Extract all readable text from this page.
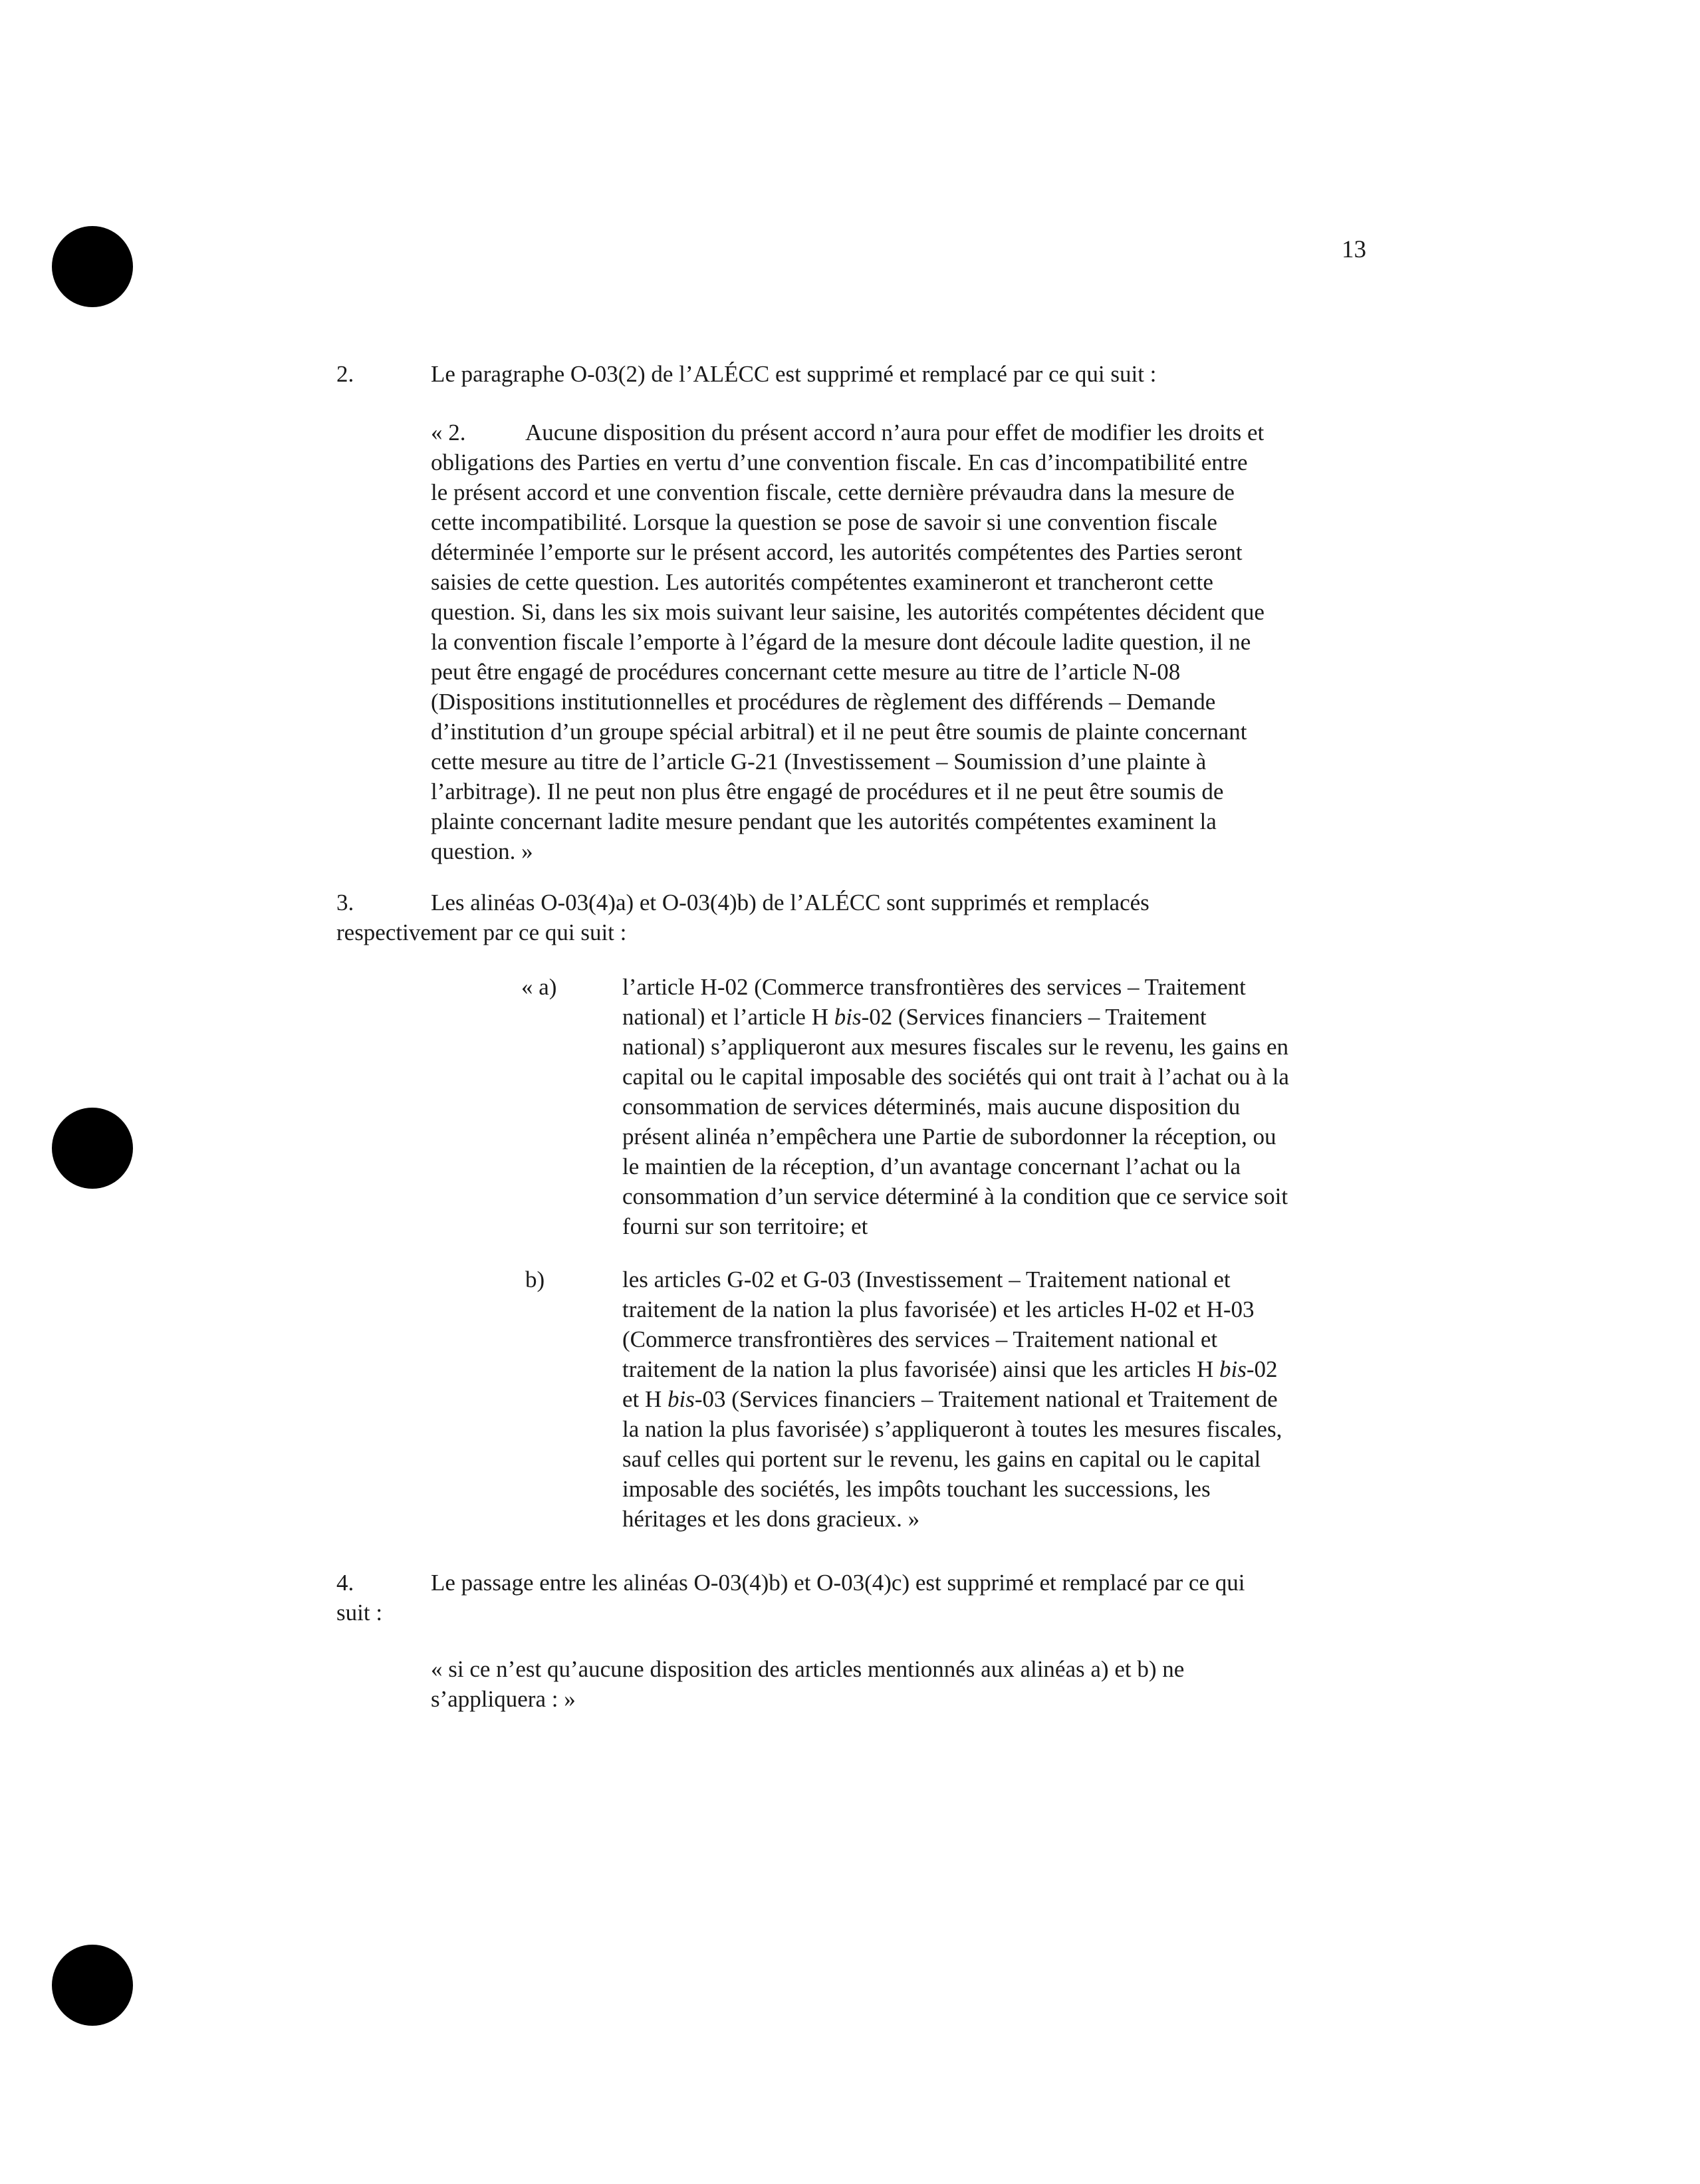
13
2.	Le paragraphe O-03(2) de l’ALÉCC est supprimé et remplacé par ce qui suit :
« 2.	Aucune disposition du présent accord n’aura pour effet de modifier les droits et
obligations des Parties en vertu d’une convention fiscale. En cas d’incompatibilité entre
le présent accord et une convention fiscale, cette dernière prévaudra dans la mesure de
cette incompatibilité. Lorsque la question se pose de savoir si une convention fiscale
déterminée l’emporte sur le présent accord, les autorités compétentes des Parties seront
saisies de cette question. Les autorités compétentes examineront et trancheront cette
question. Si, dans les six mois suivant leur saisine, les autorités compétentes décident que
la convention fiscale l’emporte à l’égard de la mesure dont découle ladite question, il ne
peut être engagé de procédures concernant cette mesure au titre de l’article N-08
(Dispositions institutionnelles et procédures de règlement des différends – Demande
d’institution d’un groupe spécial arbitral) et il ne peut être soumis de plainte concernant
cette mesure au titre de l’article G-21 (Investissement – Soumission d’une plainte à
l’arbitrage). Il ne peut non plus être engagé de procédures et il ne peut être soumis de
plainte concernant ladite mesure pendant que les autorités compétentes examinent la
question. »
3.	Les alinéas O-03(4)a) et O-03(4)b) de l’ALÉCC sont supprimés et remplacés
respectivement par ce qui suit :
« a)	l’article H-02 (Commerce transfrontières des services – Traitement
national) et l’article H bis-02 (Services financiers – Traitement
national) s’appliqueront aux mesures fiscales sur le revenu, les gains en
capital ou le capital imposable des sociétés qui ont trait à l’achat ou à la
consommation de services déterminés, mais aucune disposition du
présent alinéa n’empêchera une Partie de subordonner la réception, ou
le maintien de la réception, d’un avantage concernant l’achat ou la
consommation d’un service déterminé à la condition que ce service soit
fourni sur son territoire; et
b)	les articles G-02 et G-03 (Investissement – Traitement national et
traitement de la nation la plus favorisée) et les articles H-02 et H-03
(Commerce transfrontières des services – Traitement national et
traitement de la nation la plus favorisée) ainsi que les articles H bis-02
et H bis-03 (Services financiers – Traitement national et Traitement de
la nation la plus favorisée) s’appliqueront à toutes les mesures fiscales,
sauf celles qui portent sur le revenu, les gains en capital ou le capital
imposable des sociétés, les impôts touchant les successions, les
héritages et les dons gracieux. »
4.	Le passage entre les alinéas O-03(4)b) et O-03(4)c) est supprimé et remplacé par ce qui
suit :
« si ce n’est qu’aucune disposition des articles mentionnés aux alinéas a) et b) ne
s’appliquera : »
